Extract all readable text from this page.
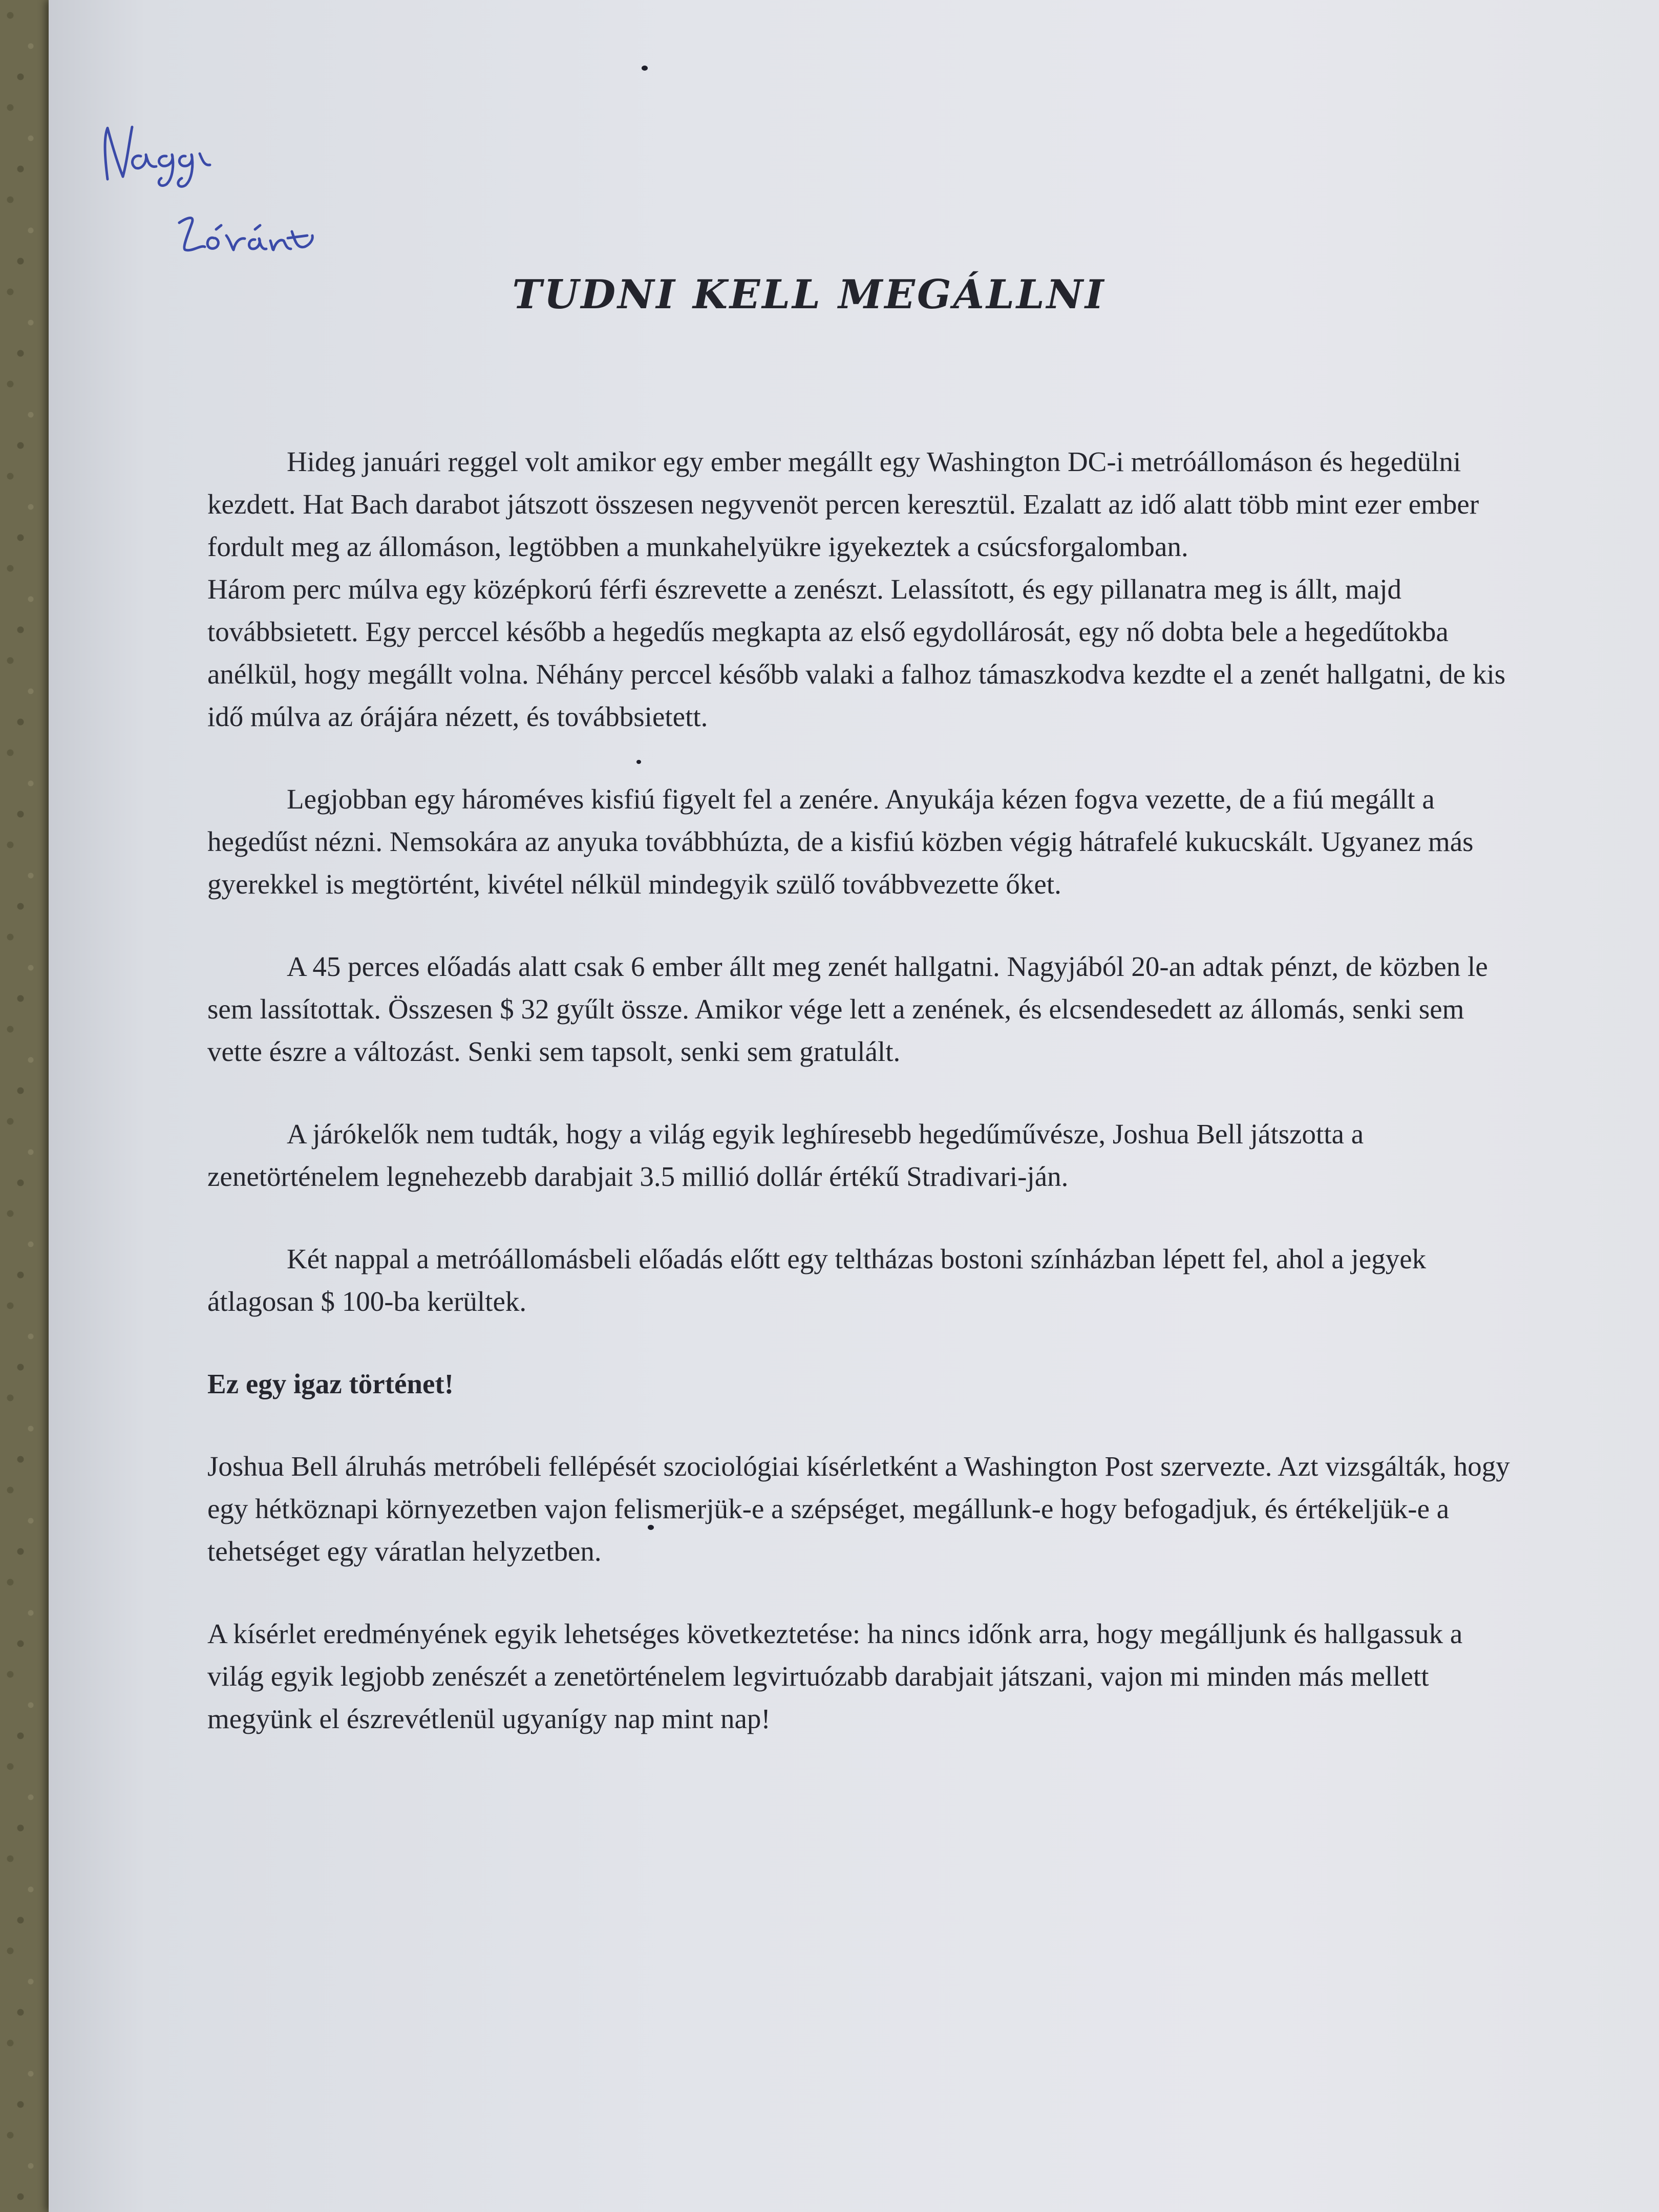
TUDNI KELL MEGÁLLNI

Hideg januári reggel volt amikor egy ember megállt egy Washington DC-i metróállomáson és hegedülni kezdett. Hat Bach darabot játszott összesen negyvenöt percen keresztül. Ezalatt az idő alatt több mint ezer ember fordult meg az állomáson, legtöbben a munkahelyükre igyekeztek a csúcsforgalomban.

Három perc múlva egy középkorú férfi észrevette a zenészt. Lelassított, és egy pillanatra meg is állt, majd továbbsietett. Egy perccel később a hegedűs megkapta az első egydollárosát, egy nő dobta bele a hegedűtokba anélkül, hogy megállt volna. Néhány perccel később valaki a falhoz támaszkodva kezdte el a zenét hallgatni, de kis idő múlva az órájára nézett, és továbbsietett.

Legjobban egy hároméves kisfiú figyelt fel a zenére. Anyukája kézen fogva vezette, de a fiú megállt a hegedűst nézni. Nemsokára az anyuka továbbhúzta, de a kisfiú közben végig hátrafelé kukucskált. Ugyanez más gyerekkel is megtörtént, kivétel nélkül mindegyik szülő továbbvezette őket.

A 45 perces előadás alatt csak 6 ember állt meg zenét hallgatni. Nagyjából 20-an adtak pénzt, de közben le sem lassítottak. Összesen $ 32 gyűlt össze. Amikor vége lett a zenének, és elcsendesedett az állomás, senki sem vette észre a változást. Senki sem tapsolt, senki sem gratulált.

A járókelők nem tudták, hogy a világ egyik leghíresebb hegedűművésze, Joshua Bell játszotta a zenetörténelem legnehezebb darabjait 3.5 millió dollár értékű Stradivari-ján.

Két nappal a metróállomásbeli előadás előtt egy teltházas bostoni színházban lépett fel, ahol a jegyek átlagosan $ 100-ba kerültek.

Ez egy igaz történet!

Joshua Bell álruhás metróbeli fellépését szociológiai kísérletként a Washington Post szervezte. Azt vizsgálták, hogy egy hétköznapi környezetben vajon felismerjük-e a szépséget, megállunk-e hogy befogadjuk, és értékeljük-e a tehetséget egy váratlan helyzetben.

A kísérlet eredményének egyik lehetséges következtetése: ha nincs időnk arra, hogy megálljunk és hallgassuk a világ egyik legjobb zenészét a zenetörténelem legvirtuózabb darabjait játszani, vajon mi minden más mellett megyünk el észrevétlenül ugyanígy nap mint nap!
